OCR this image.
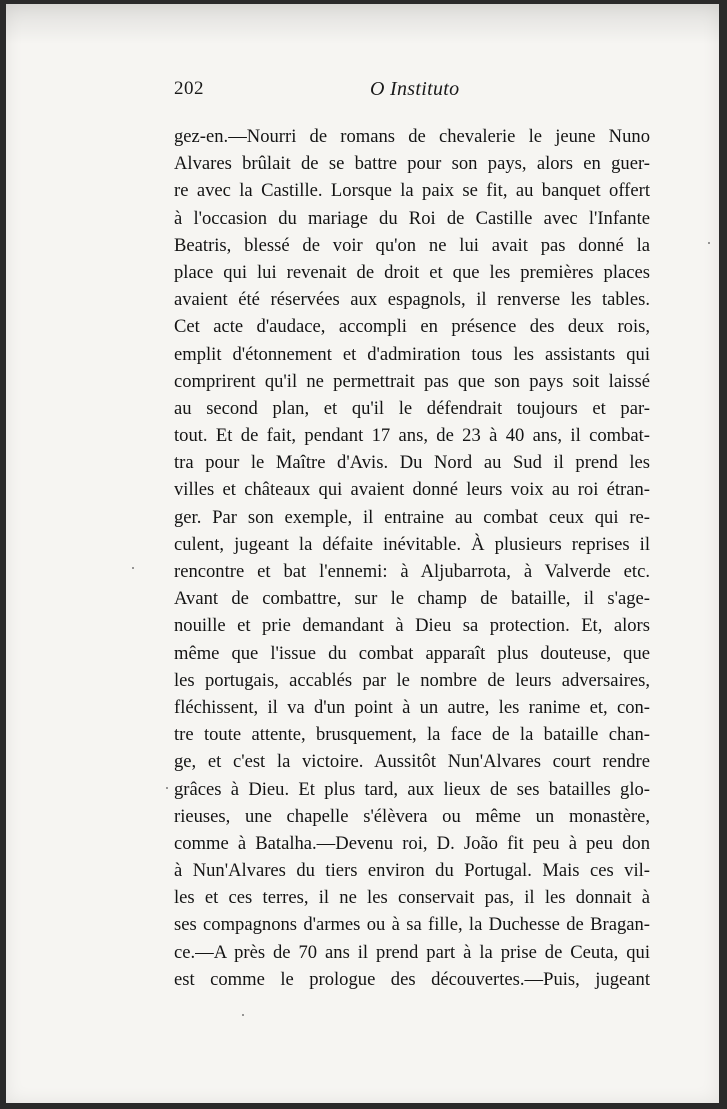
202	O Instituto
gez-en.—Nourri de romans de chevalerie le jeune Nuno
Alvares brûlait de se battre pour son pays, alors en guer-
re avec la Castille. Lorsque la paix se fit, au banquet offert
à l'occasion du mariage du Roi de Castille avec l'Infante
Beatris, blessé de voir qu'on ne lui avait pas donné la
place qui lui revenait de droit et que les premières places
avaient été réservées aux espagnols, il renverse les tables.
Cet acte d'audace, accompli en présence des deux rois,
emplit d'étonnement et d'admiration tous les assistants qui
comprirent qu'il ne permettrait pas que son pays soit laissé
au second plan, et qu'il le défendrait toujours et par-
tout. Et de fait, pendant 17 ans, de 23 à 40 ans, il combat-
tra pour le Maître d'Avis. Du Nord au Sud il prend les
villes et châteaux qui avaient donné leurs voix au roi étran-
ger. Par son exemple, il entraine au combat ceux qui re-
culent, jugeant la défaite inévitable. À plusieurs reprises il
rencontre et bat l'ennemi: à Aljubarrota, à Valverde etc.
Avant de combattre, sur le champ de bataille, il s'age-
nouille et prie demandant à Dieu sa protection. Et, alors
même que l'issue du combat apparaît plus douteuse, que
les portugais, accablés par le nombre de leurs adversaires,
fléchissent, il va d'un point à un autre, les ranime et, con-
tre toute attente, brusquement, la face de la bataille chan-
ge, et c'est la victoire. Aussitôt Nun'Alvares court rendre
grâces à Dieu. Et plus tard, aux lieux de ses batailles glo-
rieuses, une chapelle s'élèvera ou même un monastère,
comme à Batalha.—Devenu roi, D. João fit peu à peu don
à Nun'Alvares du tiers environ du Portugal. Mais ces vil-
les et ces terres, il ne les conservait pas, il les donnait à
ses compagnons d'armes ou à sa fille, la Duchesse de Bragan-
ce.—A près de 70 ans il prend part à la prise de Ceuta, qui
est comme le prologue des découvertes.—Puis, jugeant
